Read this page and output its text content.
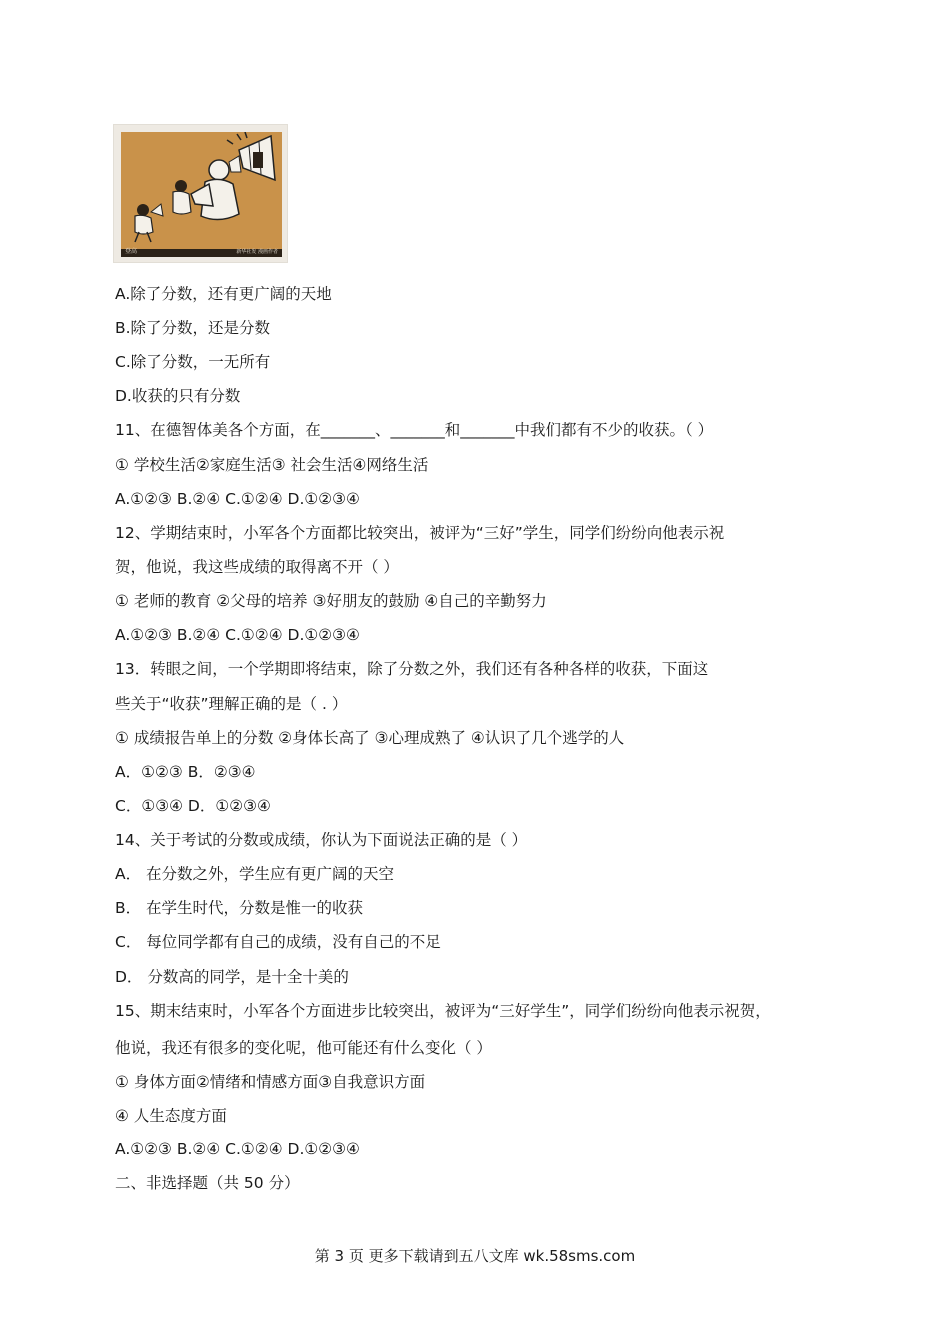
登高	新华社发 漫画作者
A.除了分数，还有更广阔的天地
B.除了分数，还是分数
C.除了分数，一无所有
D.收获的只有分数
11、在德智体美各个方面，在_______、_______和_______中我们都有不少的收获。（ ）
① 学校生活②家庭生活③ 社会生活④网络生活
A.①②③ B.②④ C.①②④ D.①②③④
12、学期结束时，小军各个方面都比较突出，被评为“三好”学生，同学们纷纷向他表示祝
贺，他说，我这些成绩的取得离不开（ ）
① 老师的教育 ②父母的培养 ③好朋友的鼓励 ④自己的辛勤努力
A.①②③ B.②④ C.①②④ D.①②③④
13．转眼之间，一个学期即将结束，除了分数之外，我们还有各种各样的收获，下面这
些关于“收获”理解正确的是（ . ）
① 成绩报告单上的分数 ②身体长高了 ③心理成熟了 ④认识了几个逃学的人
A．①②③ B．②③④
C．①③④ D．①②③④
14、关于考试的分数或成绩，你认为下面说法正确的是（ ）
A． 在分数之外，学生应有更广阔的天空
B． 在学生时代，分数是惟一的收获
C． 每位同学都有自己的成绩，没有自己的不足
D． 分数高的同学，是十全十美的
15、期末结束时，小军各个方面进步比较突出，被评为“三好学生”，同学们纷纷向他表示祝贺，
他说，我还有很多的变化呢，他可能还有什么变化（ ）
① 身体方面②情绪和情感方面③自我意识方面
④ 人生态度方面
A.①②③ B.②④ C.①②④ D.①②③④
二、非选择题（共 50 分）
第 3 页 更多下载请到五八文库 wk.58sms.com
